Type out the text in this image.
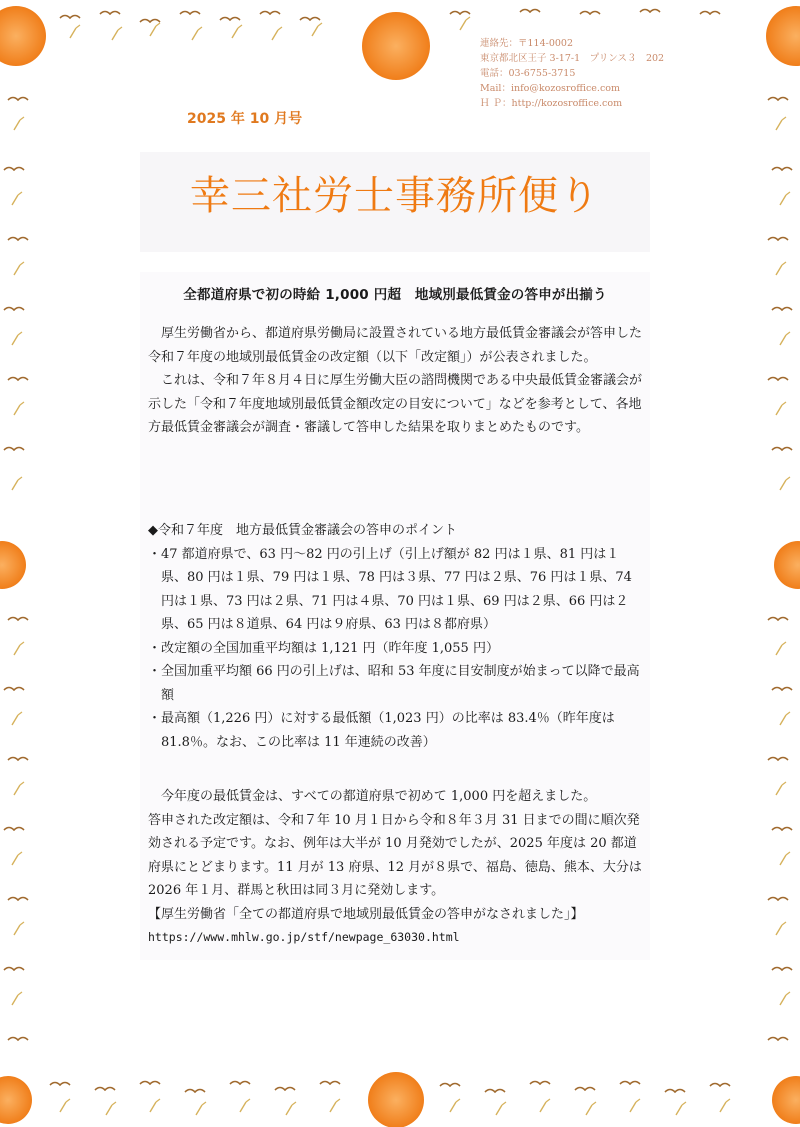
連絡先：〒114-0002
東京都北区王子 3-17-1　プリンス３　202
電話：03-6755-3715
Mail：info@kozosroffice.com
Ｈ Ｐ：http://kozosroffice.com
2025 年 10 月号
幸三社労士事務所便り
全都道府県で初の時給 1,000 円超　地域別最低賃金の答申が出揃う

厚生労働省から、都道府県労働局に設置されている地方最低賃金審議会が答申した令和７年度の地域別最低賃金の改定額（以下「改定額」）が公表されました。

これは、令和７年８月４日に厚生労働大臣の諮問機関である中央最低賃金審議会が示した「令和７年度地域別最低賃金額改定の目安について」などを参考として、各地方最低賃金審議会が調査・審議して答申した結果を取りまとめたものです。

◆令和７年度　地方最低賃金審議会の答申のポイント

・47 都道府県で、63 円～82 円の引上げ（引上げ額が 82 円は１県、81 円は１県、80 円は１県、79 円は１県、78 円は３県、77 円は２県、76 円は１県、74 円は１県、73 円は２県、71 円は４県、70 円は１県、69 円は２県、66 円は２県、65 円は８道県、64 円は９府県、63 円は８都府県）

・改定額の全国加重平均額は 1,121 円（昨年度 1,055 円）

・全国加重平均額 66 円の引上げは、昭和 53 年度に目安制度が始まって以降で最高額

・最高額（1,226 円）に対する最低額（1,023 円）の比率は 83.4％（昨年度は 81.8％。なお、この比率は 11 年連続の改善）

今年度の最低賃金は、すべての都道府県で初めて 1,000 円を超えました。

答申された改定額は、令和７年 10 月１日から令和８年３月 31 日までの間に順次発効される予定です。なお、例年は大半が 10 月発効でしたが、2025 年度は 20 都道府県にとどまります。11 月が 13 府県、12 月が８県で、福島、徳島、熊本、大分は 2026 年１月、群馬と秋田は同３月に発効します。

【厚生労働省「全ての都道府県で地域別最低賃金の答申がなされました」】

https://www.mhlw.go.jp/stf/newpage_63030.html
